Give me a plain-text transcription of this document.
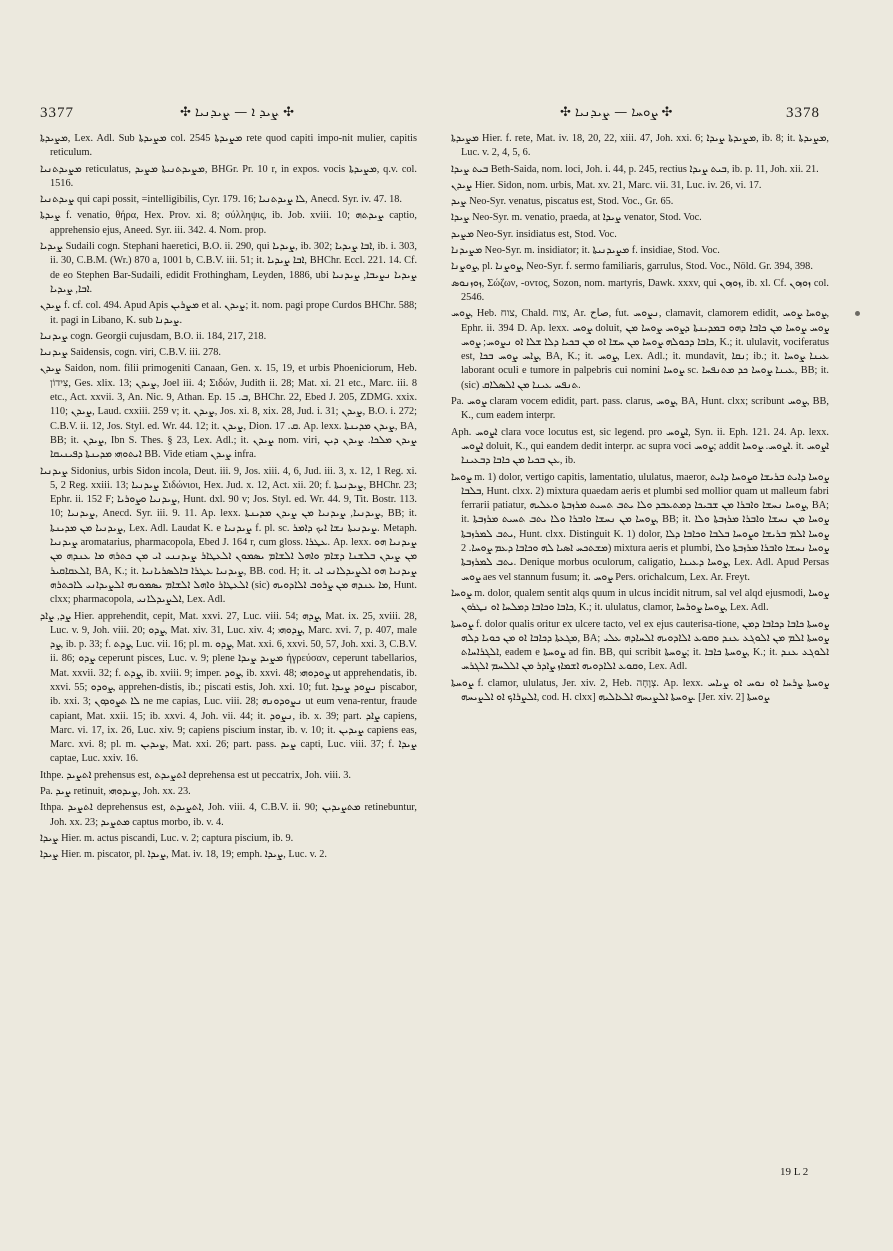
3377	✣ ܨܝܕ ܐ — ܨܝܕܢܝܐ ✣	✣ ܨܘܚܐ — ܨܝܕܢܝܐ ✣	3378

ܡܨܝܕܬܐ, Lex. Adl. Sub ܡܨܝܕܬܐ col. 2545 ܡܨܝܕܬܐ rete quod capiti impo-nit mulier, capitis reticulum.

ܡܨܝܕܬܢܝܐ reticulatus, ܡܨܝܕܬܢܝܬܐ ܡܨܝܕ, BHGr. Pr. 10 r, in expos. vocis ܡܨܝܕܬܐ, q.v. col. 1516.

ܨܝܕܬܢܝܐ qui capi possit, =intelligibilis, Cyr. 179. 16; ܠܐ ܨܝܕܬܢܝܐ, Anecd. Syr. iv. 47. 18.

ܨܝܕܬܐ f. venatio, θήρα, Hex. Prov. xi. 8; σύλληψις, ib. Job. xviii. 10; ܨܝܕܬܗ captio, apprehensio ejus, Aneed. Syr. iii. 342. 4. Nom. prop.

ܨܝܕܝܐ Sudaili cogn. Stephani haeretici, B.O. ii. 290, qui ܨܝܕܝܐ, ib. 302; ܐܒܐ ܨܝܕܝܐ, ib. i. 303, ii. 30, C.B.M. (Wr.) 870 a, 1001 b, C.B.V. iii. 51; it. ܐܒܐ ܨܝܕܝܐ, BHChr. Eccl. 221. 14. Cf. de eo Stephen Bar-Sudaili, edidit Frothingham, Leyden, 1886, ubi ܨܝܕܝܐ ܢܨܝܒܐ, ܨܝܕܢܝܐ ܐܒܐ, ܨܝܕܝܐ.

ܨܝܕܢ f. cf. col. 494. Apud Apis ܡܨܪܝܢ et al. ܨܝܕܢ; it. nom. pagi prope Curdos BHChr. 588; it. pagi in Libano, K. sub ܨܝܕܢܐ.

ܨܝܕܢܝܐ cogn. Georgii cujusdam, B.O. ii. 184, 217, 218.

ܨܝܕܢܝܐ Saidensis, cogn. viri, C.B.V. iii. 278.

ܨܝܕܢ Saidon, nom. filii primogeniti Canaan, Gen. x. 15, 19, et urbis Phoeniciorum, Heb. צִידוֹן, Ges. xlix. 13; ܨܝܕܢ, Joel iii. 4; Σιδών, Judith ii. 28; Mat. xi. 21 etc., Marc. iii. 8 etc., Act. xxvii. 3, An. Nic. 9, Athan. Ep. ܒ. 15, BHChr. 22, Ebed J. 205, ZDMG. xxix. 110; ܨܝܕܢ, Laud. cxxiii. 259 v; it. ܨܝܕܢ, Jos. xi. 8, xix. 28, Jud. i. 31; ܨܝܕܢ, B.O. i. 272; C.B.V. ii. 12, Jos. Styl. ed. Wr. 44. 12; it. ܨܝܕܢ, Dion. ܩ. 17. Ap. lexx. ܨܝܕܢ ܡܕܝܢܬܐ, BA, BB; it. ܨܝܕܢ, Ibn S. Thes. § 23, Lex. Adl.; it. ܨܝܕܢ nom. viri, ܨܝܕܢ ܡܠܟܐ. ܨܝܕܢ ܕܝܢ ܐܝܬܘܗܝ ܡܕܝܢܬܐ ܕܦܝܢܝܩܐ BB. Vide etiam ܨܝܕܢ infra.

ܨܝܕܢܝܐ Sidonius, urbis Sidon incola, Deut. iii. 9, Jos. xiii. 4, 6, Jud. iii. 3, x. 12, 1 Reg. xi. 5, 2 Reg. xxiii. 13; ܨܝܕܢܝܐ Σιδώνιοι, Hex. Jud. x. 12, Act. xii. 20; f. ܨܝܕܢܝܬܐ, BHChr. 23; Ephr. ii. 152 F; ܨܝܕܢܝܐ ܘܨܘܪܝܐ, Hunt. dxl. 90 v; Jos. Styl. ed. Wr. 44. 9, Tit. Bostr. 113. 10; ܨܝܕܢܝܐ, Anecd. Syr. iii. 9. 11. Ap. lexx. ܨܝܕܢܝܐ, ܨܝܕܢܝܐ ܡܢ ܨܝܕܢ ܡܕܝܢܬܐ, BB; it. ܨܝܕܢܝܐ ܡܢ ܡܕܝܢܬܐ, Lex. Adl. Laudat K. e ܨܝܕܢܝܐ f. pl. sc. ܨܝܕܢܝܬܐ ܢܫܐ ܐܝܟ ܕܐܡܪ. Metaph. ܨܝܕܢܝܐ aromatarius, pharmacopola, Ebed J. 164 r, cum gloss. ܥܛܪܐ. Ap. lexx. ܨܝܕܢܝܐ ܗܘ ܡܢ ܨܝܕܢ ܒܠܫܢܐ ܕܫܐܡ ܘܐܗܠ ܐܠܫܐܡ ܝܣܡܘܢ ܐܠܥܛܐܪ ܨܝܕܢܢܝ ܐܝ ܡܢ ܟܬܪܗ ܡܐ ܥܢܕܗ ܡܢ ܐܠܥܩܐܩܝܪ, BA, K.; it. ܨܝܕܢܝܐ ܥܛܪܐ ܒܐܠܣܪܝܐܢܝܐ, BB. cod. H; it. ܨܝܕܢܝܐ ܗܘ ܐܠܨܝܕܠܐܢܝ ܐܝ ܐܠܥܛܐܪ ܘܐܗܠ ܐܠܫܐܡ ܝܣܡܘܢܗ ܐܠܨܝܕܐܢܝ ܠܐܟܬܪܗ (sic) ܡܐ ܥܢܕܗ ܡܢ ܨܪܘܒ ܐܠܐܕܘܝܗ, Hunt. clxx; pharmacopola, ܐܠܨܝܕܠܐܢܝ, Lex. Adl.

ܨܕ, ܨܐܕ Hier. apprehendit, cepit, Mat. xxvi. 27, Luc. viii. 54; ܨܕܗ, Mat. ix. 25, xviii. 28, Luc. v. 9, Joh. viii. 20; ܨܕܘ, Mat. xiv. 31, Luc. xiv. 4; ܨܕܘܗܝ, Marc. xvi. 7, p. 407, male ܨܕ, ib. p. 33; f. ܨܕܬ, Luc. vii. 16; pl. m. ܨܕܘ, Mat. xxi. 6, xxvi. 50, 57, Joh. xxi. 3, C.B.V. ii. 86; ܨܕܘ ceperunt pisces, Luc. v. 9; plene ܡܨܝܕ ܨܝܕܐ ἠγρεύσαν, ceperunt tabellarios, Mat. xxvii. 32; f. ܨܕܬ, ib. xviii. 9; imper. ܨܘܕ, ib. xxvi. 48; ܨܘܕܘܗܝ ut apprehendatis, ib. xxvi. 55; ܨܘܕܘ, apprehen-distis, ib.; piscati estis, Joh. xxi. 10; fut. ܢܨܘܕ ܨܝܕܐ piscabor, ib. xxi. 3; ܠܐ ܬܨܘܕܘܢ ne me capias, Luc. viii. 28; ܢܨܘܕܘܢܗ ut eum vena-rentur, fraude capiant, Mat. xxii. 15; ib. xxvi. 4, Joh. vii. 44; it. ܢܨܘܕ, ib. x. 39; part. ܨܐܕ capiens, Marc. vi. 17, ix. 26, Luc. xiv. 9; capiens piscium instar, ib. v. 10; it. ܨܝܕܝܢ capiens eas, Marc. xvi. 8; pl. m. ܨܝܕܝܢ, Mat. xxi. 26; part. pass. ܨܝܕ capti, Luc. viii. 37; f. ܨܝܕܐ captae, Luc. xxiv. 16.

Ithpe. ܐܬܨܝܕ prehensus est, ܐܬܨܝܕܬ deprehensa est ut peccatrix, Joh. viii. 3.

Pa. ܨܝܕ retinuit, ܨܝܕܘܗܝ, Joh. xx. 23.

Ithpa. ܐܬܨܝܕ deprehensus est, ܐܬܨܝܕܬ, Joh. viii. 4, C.B.V. ii. 90; ܡܬܨܝܕܝܢ retinebuntur, Joh. xx. 23; ܡܬܨܝܕ captus morbo, ib. v. 4.

ܨܝܕܐ Hier. m. actus piscandi, Luc. v. 2; captura piscium, ib. 9.

ܨܝܕܐ Hier. m. piscator, pl. ܨܝܕܐ, Mat. iv. 18, 19; emph. ܨܝܕܐ, Luc. v. 2.

ܡܨܝܕܬܐ Hier. f. rete, Mat. iv. 18, 20, 22, xiii. 47, Joh. xxi. 6; ܡܨܝܕܬܐ ܨܝܕܐ, ib. 8; it. ܡܨܝܕܬܐ, Luc. v. 2, 4, 5, 6.

ܒܝܬ ܨܝܕܐ Beth-Saida, nom. loci, Joh. i. 44, p. 245, rectius ܒܝܬ ܨܝܕܐ, ib. p. 11, Joh. xii. 21.

ܨܝܕܢ Hier. Sidon, nom. urbis, Mat. xv. 21, Marc. vii. 31, Luc. iv. 26, vi. 17.

ܨܝܕ Neo-Syr. venatus, piscatus est, Stod. Voc., Gr. 65.

ܨܝܕܐ Neo-Syr. m. venatio, praeda, at ܨܝܕܐ venator, Stod. Voc.

ܡܨܝܕ Neo-Syr. insidiatus est, Stod. Voc.

ܡܨܝܕܢܐ Neo-Syr. m. insidiator; it. ܡܨܝܕܢܝܬܐ f. insidiae, Stod. Voc.

ܨܘܨܢܐ, pl. ܨܘܨܢܐ, Neo-Syr. f. sermo familiaris, garrulus, Stod. Voc., Nöld. Gr. 394, 398.

ܙܘܙܢܘܣ, Σώζων, -οντος, Sozon, nom. martyris, Dawk. xxxv, qui ܙܘܙܘܢ, ib. xl. Cf. ܙܘܙܘܢ col. 2546.

ܨܘܚ, Heb. צוח, Chald. צוח, Ar. صاح, fut. ܢܨܘܚ, clamavit, clamorem edidit, ܨܘܚܐ ܨܘܚ, Ephr. ii. 394 D. Ap. lexx. ܨܘܚ doluit, ܨܘܚ ܨܘܚܐ ܡܢ ܟܐܒܐ ܕܗܘ ܒܡܕܝܢܬܐ ܕܨܘܚ ܨܘܚܐ ܡܢ ܟܐܒܐ ܕܟܘܠܗ ܨܘܚܐ ܡܢ ܚܫܐ ܐܘ ܡܢ ܒܟܝܐ ܕܠܐ ܫܠܐ ܐܘ ܢܨܘܚ; ܨܘܚ, K.; it. ululavit, vociferatus est, ܨܐܚ ܨܘܚ ܒܟܐ, BA, K.; it. ܨܘܚ, Lex. Adl.; it. mundavit, ܢܩܐ; ib.; it. ܥܝܢܐ ܨܘܚܐ laborant oculi e tumore in palpebris cui nomini ܨܘܚܐ sc. ܥܝܢܐ ܨܘܚܐ ܟܕ ܡܬܢܦܚܐ, BB; it. (sic) ܬܢܦܚ ܥܝܢܐ ܡܢ ܐܠܣܠܐܩ.

Pa. ܨܘܚ claram vocem edidit, part. pass. clarus, ܨܘܚ, BA, Hunt. clxx; scribunt ܨܘܚ, BB, K., cum eadem interpr.

Aph. ܐܨܘܚ clara voce locutus est, sic legend. pro ܐܨܘܚ, Syn. ii. Eph. 121. 24. Ap. lexx. ܐܨܘܚ doluit, K., qui eandem dedit interpr. ac supra voci ܨܘܚ; addit ܐܨܘܚ. ܨܘܚܐ. it. ܐܨܘܚ ܥܢ ܒܟܝܐ ܡܢ ܟܐܒܐ ܕܒܥܝܢܐ, ib.

ܨܘܚܐ m. 1) dolor, vertigo capitis, lamentatio, ululatus, maeror, ܨܘܚܐ ܕܐܝܬ ܒܪܝܫܐ ܘܨܘܚܐ ܕܐܝܬ ܒܠܒܐ, Hunt. clxx. 2) mixtura quaedam aeris et plumbi sed mollior quam ut malleum fabri ferrarii patiatur, ܨܘܚܐ ܢܚܫܐ ܘܐܒܪܐ ܡܢ ܫܒܝܟܐ ܕܡܬܥܒܕ ܘܠܐ ܝܬܒ ܬܚܝܬ ܡܪܙܒܬܐ ܘܥܠܝܗ, BA; it. ܨܘܚܐ ܡܢ ܢܚܫܐ ܘܐܒܪܐ ܘܠܐ ܝܬܒ ܬܚܝܬ ܡܪܙܒܬܐ, BB; it. ܨܘܚܐ ܡܢ ܢܚܫܐ ܘܐܒܪܐ ܡܪܙܒܬܐ ܘܠܐ ܝܬܒ ܠܡܪܙܒܬܐ, Hunt. clxx. Distinguit K. 1) dolor, ܨܘܚܐ ܐܠܡ ܒܪܝܫܐ ܘܨܘܚܐ ܒܠܒܐ ܘܟܐܒܐ ܕܠܐ ܡܫܬܟܚ ܐܣܝܐ ܠܗ ܘܟܐܒܐ ܕܥܡ ܨܘܚܐ. 2) mixtura aeris et plumbi, ܨܘܚܐ ܢܚܫܐ ܘܐܒܪܐ ܡܪܙܒܬܐ ܘܠܐ ܝܬܒ ܠܡܪܙܒܬܐ. Denique morbus oculorum, caligatio, ܨܘܚܐ ܕܥܝܢܐ, Lex. Adl. Apud Persas ܨܘܚ aes vel stannum fusum; it. ܨܘܚ Pers. orichalcum, Lex. Ar. Freyt.

ܨܘܚܐ m. dolor, qualem sentit alqs quum in ulcus incidit nitrum, sal vel alqd ejusmodi, ܨܘܚܐ ܟܐܒܐ ܘܟܐܒܐ ܕܡܠܚܐ ܐܘ ܢܛܪܘܢ, K.; it. ululatus, clamor, ܨܘܚܐ ܨܘܪܚܐ, Lex. Adl.

ܨܘܚܬܐ f. dolor qualis oritur ex ulcere tacto, vel ex ejus cauterisa-tione, ܨܘܚܬܐ ܟܐܒܐ ܕܟܐܒܐ ܕܡܢ ܡܓܥܬܐ ܕܟܐܒܐ ܐܘ ܡܢ ܟܘܝܐ ܕܠܗ, BA; ܨܘܚܬܐ ܐܠܡ ܡܢ ܐܠܘܓܥ ܥܢܕ ܘܩܘܥ ܐܠܐܕܘܝܗ ܐܠܚܐܕܗ ܥܠܝ ܐܠܓܪܐܚܐܬ, eadem e ܨܘܚܬܐ ad fin. BB, qui scribit ܨܘܚܬܐ; it. ܨܘܚܬܐ ܟܐܒܐ, K.; it. ܐܠܘܓܥ ܥܢܕ ܘܩܘܥ ܐܠܐܕܘܝܗ ܐܫܡܐܙ ܨܐܕܪ ܡܢ ܐܠܠܚܡ ܐܠܓܪܚ, Lex. Adl.

ܨܘܚܬܐ f. clamor, ululatus, Jer. xiv. 2, Heb. צְוָחָה. Ap. lexx. ܨܘܚܬܐ ܨܪܚܐ ܐܘ ܢܘܚ ܐܘ ܨܝܐܚ ܐܠܨܪܐܟ ܐܘ ܐܠܨܝܚܗ, cod. H. clxx] ܨܘܚܬܐ ܐܠܨܝܚܗ ܐܠܥܐܠܝܗ. [Jer. xiv. 2] ܨܘܚܬܐ

19 L 2
